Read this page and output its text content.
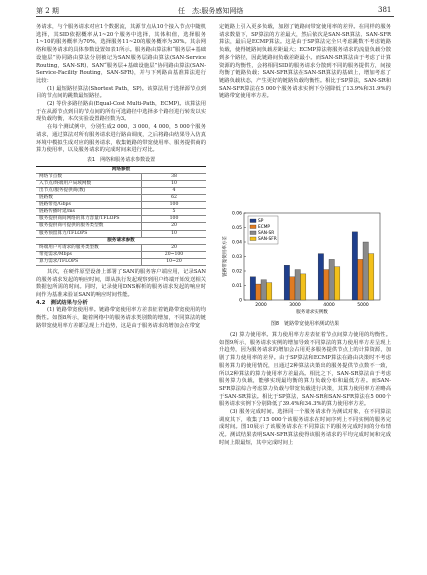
第 2 期	任　杰:服务感知网络	381

务请求，与个服务请求对应1个数据流，其源节点从10个接入节点中随机选择，其SID依据概率从1~20个服务中选择，其体积值，选择服务1~10的服务概率为70%，选择服务11~20的服务概率为30%。其余网络和服务请求的具体参数设置如表1所示。服务路由算法和“服务层+基础设施层”协同路由算法分别被记为SAN服务层路由算法(SAN-Service Routing，SAN-SR)、SAN“服务层+基础设施层”协同路由算法(SAN-Service-Facility Routing，SAN-SFR)，并与下列路由基准算法进行比较：

(1) 最短路径算法(Shortest Path，SP)。该算法用于选择源节点到目的节点间的跳数最短路径。

(2) 等价多路径路由(Equal-Cost Multi-Path，ECMP)。该算法用于在从源节点到目的节点间的所有可选路径中选择多个路径进行转发以实现负载均衡，本次实验设置路径数为3。

在每个测试例中，分别生成2 000，3 000，4 000，5 000个服务请求，通过算法对所有服务请求进行路由调度，之后将路由结果导入仿真环境中模拟生成对应的服务请求，收集链路的带宽使用率、服务提供商的算力使用率，以及服务请求的完成时间来进行对比。

表1　网络和服务请求参数设置
网络参数	
网络节点数	38
入节点/终端用户局域网数	10
出节点/服务提供商(数)	4
链路数	62
链路带宽/Gbps	100
链路传播时延/ms	5
服务提供商间网络的算力容量/TFLOPS	100
服务提供商可提供的服务类型数	20
服务预留算力/TFLOPS	10
服务请求参数	
终端用户可请求的服务类型数	20
带宽需求/Mbps	20~100
算力需求/TFLOPS	10~20

其次，在硬件原型设备上部署了SAN的服务客户端应用，记录SAN的服务请求发起的响应时间，即从执行发起观察到用户终端开始发送相关数据包所需的时间。同时，记录使用DNS解析的服务请求发起的响应时间作为基准来验证SAN的响应时间性能。

4.2　测试结果与分析

(1) 链路带宽使用率。链路带宽使用率方差表征着链路带宽使用的均衡性。如图8所示，随着网络中的服务请求类别数的增加，不同算法的链路带宽使用率方差都呈现上升趋势，这是由于服务请求的增加会在带宽

定链路上引入更多负载，加剧了链路间带宽使用率的差异。在同样的服务请求数量下，SP算法的方差最大，然后依次是SAN-SR算法、SAN-SFR算法，最后是ECMP算法。这是由于SP算法完全只考虑跳数不考虑链路负载，使得链路间负载差距最大；ECMP算法将服务请求的流量负载分散到多个路径，因此链路间负载差距最小。而SAN-SR算法由于考虑了计算资源的均衡性，会将相同SID的服务请求分散到不同的服务提供方，间接均衡了链路负载；SAN-SFR算法在SAN-SR算法的基础上，增加考虑了链路负载状态，产生更好的链路负载均衡性。相比于SP算法，SAN-SR和SAN-SFR算法在5 000个服务请求实例下分别降低了13.9%和31.9%的链路带宽使用率方差。

0
0.01
0.02
0.03
0.04
0.05
0.06
链路带宽使用率方差
2000	3000	4000	5000
服务请求实例数
SP
ECMP
SAN-SR
SAN-SFR
图8　链路带宽使用率测试结果

(2) 算力使用率。算力使用率方差表征着节点间算力使用的均衡性。如图9所示，服务请求实例的增加导致不同算法的算力使用率方差呈现上升趋势，因为服务请求的增加会占用更多服务提供节点上的计算资源，加剧了算力使用率的差异。由于SP算法和ECMP算法在路由决策时不考虑服务算力的使用情况，且通过2种算法决策出的服务提供节点数不一致，所以2种算法的算力使用率方差最高。相比之下，SAN-SR算法由于考虑服务算力负载，能够实现最均衡的算力负载分布和最低方差。而SAN-SFR算法综合考虑算力负载与带宽负载进行决策，其算力使用率方差略高于SAN-SR算法。相比于SP算法，SAN-SR和SAN-SFR算法在5 000个服务请求实例下分别降低了39.4%和34.3%的算力使用率方差。

(3) 服务完成时间。选择同一个服务请求作为测试对象，在不同算法调度其下，收集了15 000个该服务请求在时间序列上不同实例的服务完成时间。图10展示了该服务请求在不同算法下的服务完成时间的分布情况。测试结果表明SAN-SFR算法使得该服务请求的平均完成时间和完成时间上限最短，其中完成时间上
